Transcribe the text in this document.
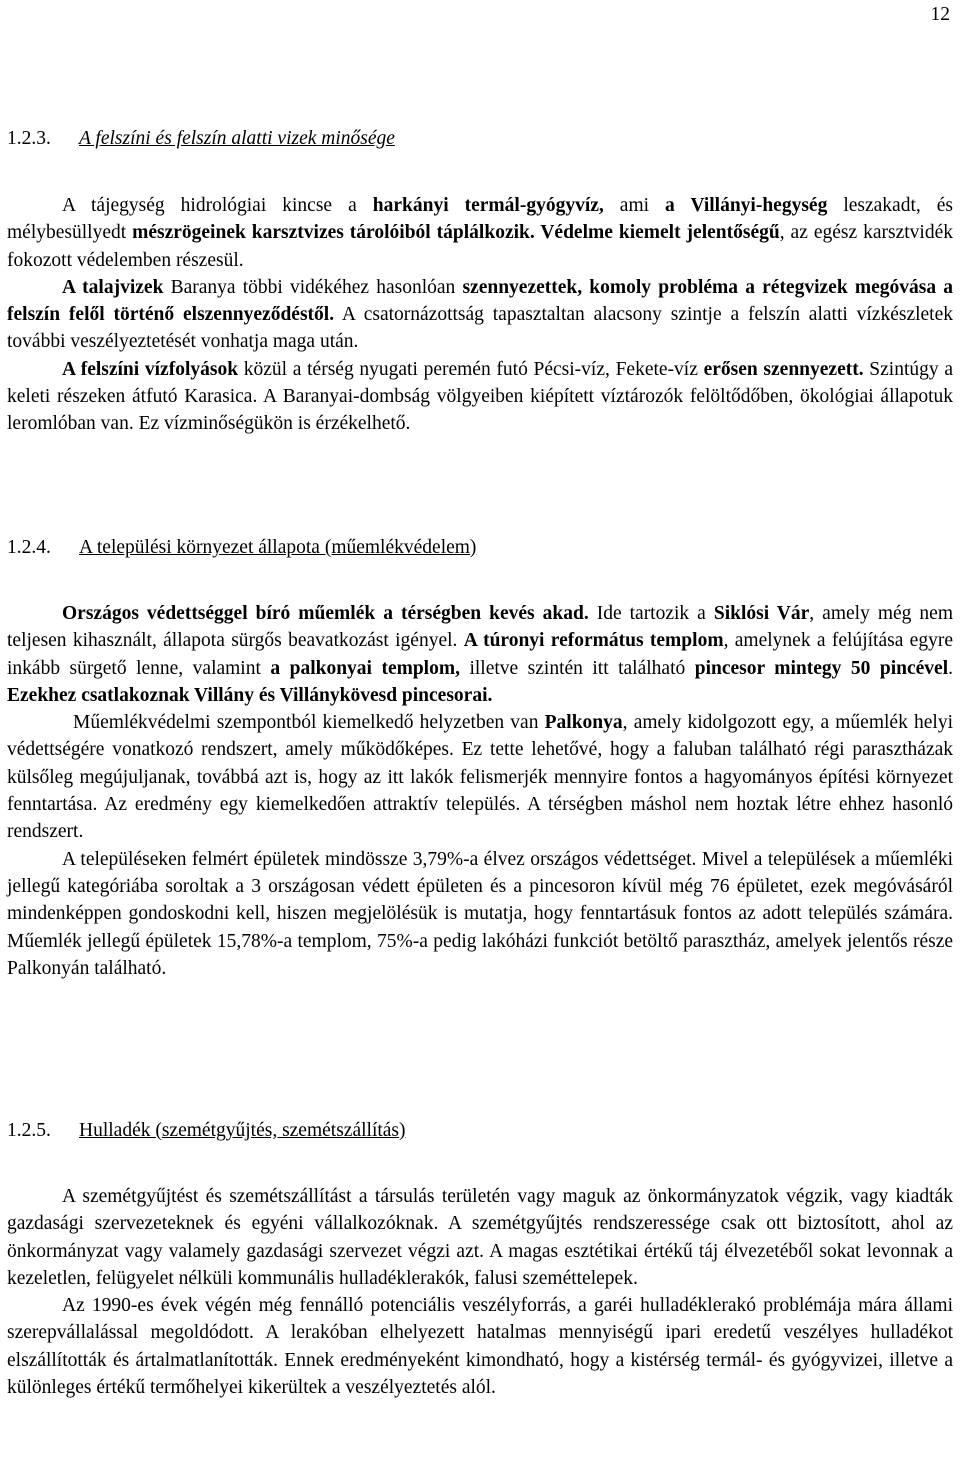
12
1.2.3. A felszíni és felszín alatti vizek minősége

A tájegység hidrológiai kincse a harkányi termál-gyógyvíz, ami a Villányi-hegység leszakadt, és mélybesüllyedt mészrögeinek karsztvizes tárolóiból táplálkozik. Védelme kiemelt jelentőségű, az egész karsztvidék fokozott védelemben részesül.

A talajvizek Baranya többi vidékéhez hasonlóan szennyezettek, komoly probléma a rétegvizek megóvása a felszín felől történő elszennyeződéstől. A csatornázottság tapasztaltan alacsony szintje a felszín alatti vízkészletek további veszélyeztetését vonhatja maga után.

A felszíni vízfolyások közül a térség nyugati peremén futó Pécsi-víz, Fekete-víz erősen szennyezett. Szintúgy a keleti részeken átfutó Karasica. A Baranyai-dombság völgyeiben kiépített víztározók felöltődőben, ökológiai állapotuk leromlóban van. Ez vízminőségükön is érzékelhető.

1.2.4. A települési környezet állapota (műemlékvédelem)

Országos védettséggel bíró műemlék a térségben kevés akad. Ide tartozik a Siklósi Vár, amely még nem teljesen kihasznált, állapota sürgős beavatkozást igényel. A túronyi református templom, amelynek a felújítása egyre inkább sürgető lenne, valamint a palkonyai templom, illetve szintén itt található pincesor mintegy 50 pincével. Ezekhez csatlakoznak Villány és Villánykövesd pincesorai.

Műemlékvédelmi szempontból kiemelkedő helyzetben van Palkonya, amely kidolgozott egy, a műemlék helyi védettségére vonatkozó rendszert, amely működőképes. Ez tette lehetővé, hogy a faluban található régi parasztházak külsőleg megújuljanak, továbbá azt is, hogy az itt lakók felismerjék mennyire fontos a hagyományos építési környezet fenntartása. Az eredmény egy kiemelkedően attraktív település. A térségben máshol nem hoztak létre ehhez hasonló rendszert.

A településeken felmért épületek mindössze 3,79%-a élvez országos védettséget. Mivel a települések a műemléki jellegű kategóriába soroltak a 3 országosan védett épületen és a pincesoron kívül még 76 épületet, ezek megóvásáról mindenképpen gondoskodni kell, hiszen megjelölésük is mutatja, hogy fenntartásuk fontos az adott település számára. Műemlék jellegű épületek 15,78%-a templom, 75%-a pedig lakóházi funkciót betöltő parasztház, amelyek jelentős része Palkonyán található.

1.2.5. Hulladék (szemétgyűjtés, szemétszállítás)

A szemétgyűjtést és szemétszállítást a társulás területén vagy maguk az önkormányzatok végzik, vagy kiadták gazdasági szervezeteknek és egyéni vállalkozóknak. A szemétgyűjtés rendszeressége csak ott biztosított, ahol az önkormányzat vagy valamely gazdasági szervezet végzi azt. A magas esztétikai értékű táj élvezetéből sokat levonnak a kezeletlen, felügyelet nélküli kommunális hulladéklerakók, falusi szeméttelepek.

Az 1990-es évek végén még fennálló potenciális veszélyforrás, a garéi hulladéklerakó problémája mára állami szerepvállalással megoldódott. A lerakóban elhelyezett hatalmas mennyiségű ipari eredetű veszélyes hulladékot elszállították és ártalmatlanították. Ennek eredményeként kimondható, hogy a kistérség termál- és gyógyvizei, illetve a különleges értékű termőhelyei kikerültek a veszélyeztetés alól.
